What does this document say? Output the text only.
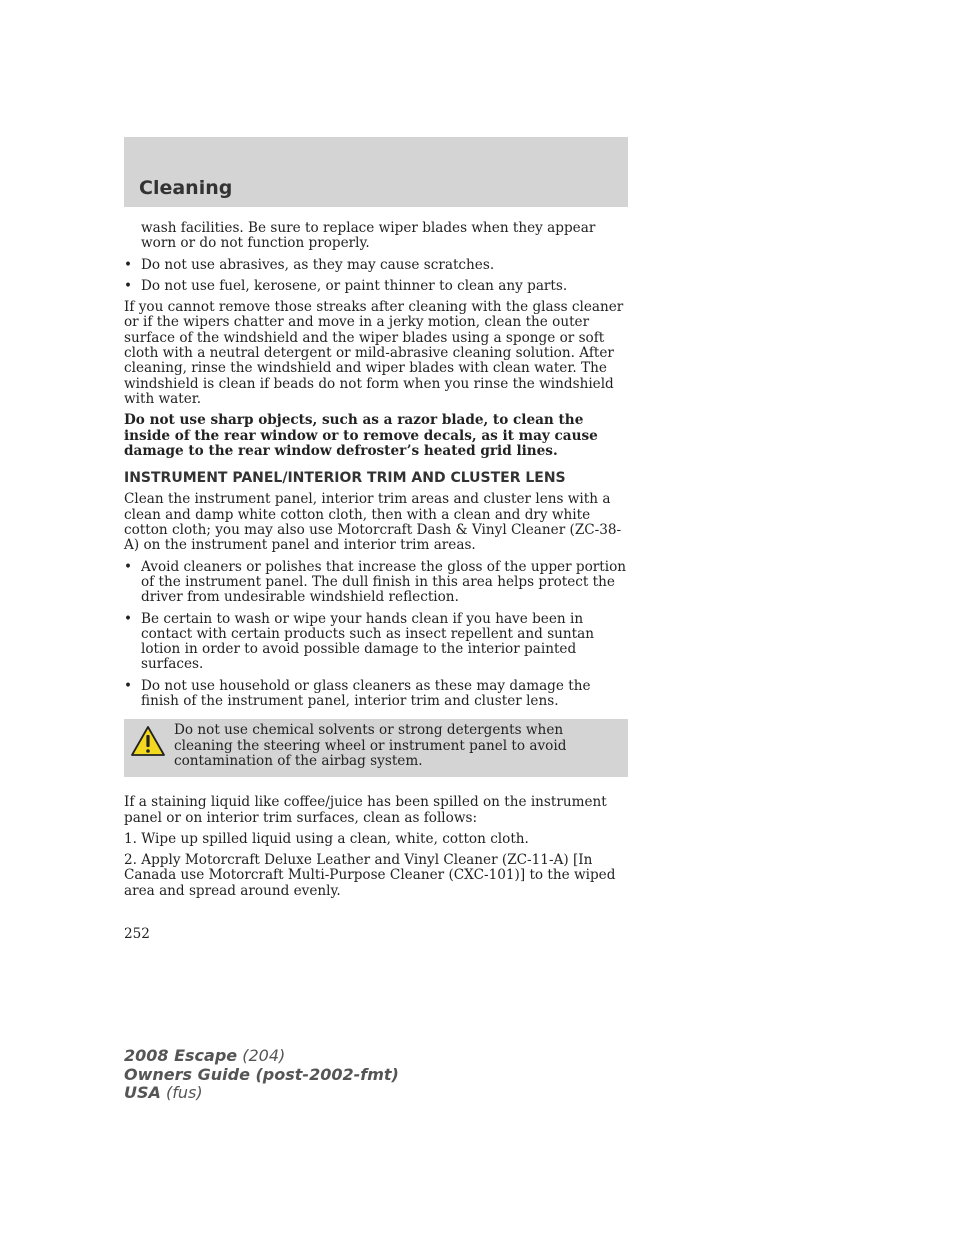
Cleaning

wash facilities. Be sure to replace wiper blades when they appear worn or do not function properly.

• Do not use abrasives, as they may cause scratches.
• Do not use fuel, kerosene, or paint thinner to clean any parts.

If you cannot remove those streaks after cleaning with the glass cleaner or if the wipers chatter and move in a jerky motion, clean the outer surface of the windshield and the wiper blades using a sponge or soft cloth with a neutral detergent or mild-abrasive cleaning solution. After cleaning, rinse the windshield and wiper blades with clean water. The windshield is clean if beads do not form when you rinse the windshield with water.

Do not use sharp objects, such as a razor blade, to clean the inside of the rear window or to remove decals, as it may cause damage to the rear window defroster’s heated grid lines.

INSTRUMENT PANEL/INTERIOR TRIM AND CLUSTER LENS

Clean the instrument panel, interior trim areas and cluster lens with a clean and damp white cotton cloth, then with a clean and dry white cotton cloth; you may also use Motorcraft Dash & Vinyl Cleaner (ZC-38-A) on the instrument panel and interior trim areas.

• Avoid cleaners or polishes that increase the gloss of the upper portion of the instrument panel. The dull finish in this area helps protect the driver from undesirable windshield reflection.
• Be certain to wash or wipe your hands clean if you have been in contact with certain products such as insect repellent and suntan lotion in order to avoid possible damage to the interior painted surfaces.
• Do not use household or glass cleaners as these may damage the finish of the instrument panel, interior trim and cluster lens.
Do not use chemical solvents or strong detergents when cleaning the steering wheel or instrument panel to avoid contamination of the airbag system.

If a staining liquid like coffee/juice has been spilled on the instrument panel or on interior trim surfaces, clean as follows:

1. Wipe up spilled liquid using a clean, white, cotton cloth.

2. Apply Motorcraft Deluxe Leather and Vinyl Cleaner (ZC-11-A) [In Canada use Motorcraft Multi-Purpose Cleaner (CXC-101)] to the wiped area and spread around evenly.

252
2008 Escape (204)
Owners Guide (post-2002-fmt)
USA (fus)
